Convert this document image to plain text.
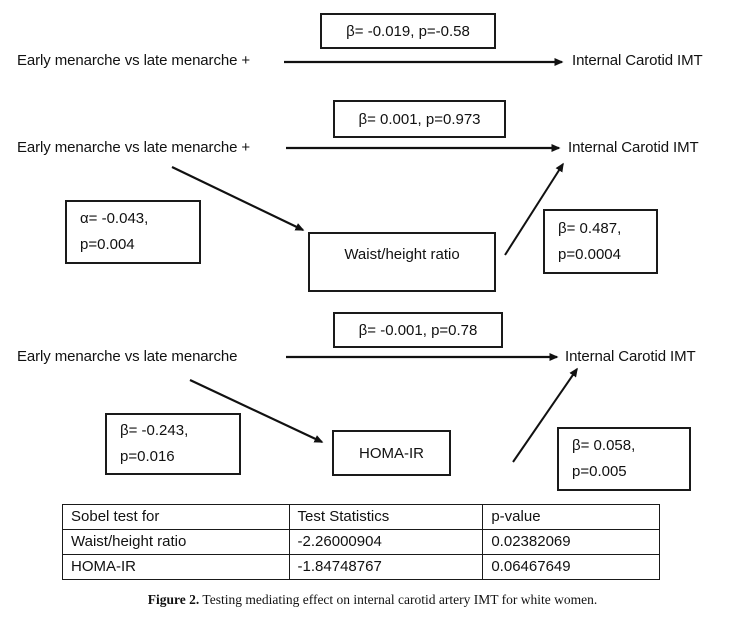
β= -0.019, p=-0.58
Early menarche vs late menarche +	Internal Carotid IMT
β= 0.001, p=0.973
Early menarche vs late menarche +	Internal Carotid IMT
α= -0.043,
p=0.004
Waist/height ratio
β= 0.487,
p=0.0004
β= -0.001, p=0.78
Early menarche vs late menarche	Internal Carotid IMT
β= -0.243,
p=0.016	HOMA-IR	β= 0.058,
p=0.005
Sobel test for	Test Statistics	p-value
Waist/height ratio	-2.26000904	0.02382069
HOMA-IR	-1.84748767	0.06467649
Figure 2. Testing mediating effect on internal carotid artery IMT for white women.
